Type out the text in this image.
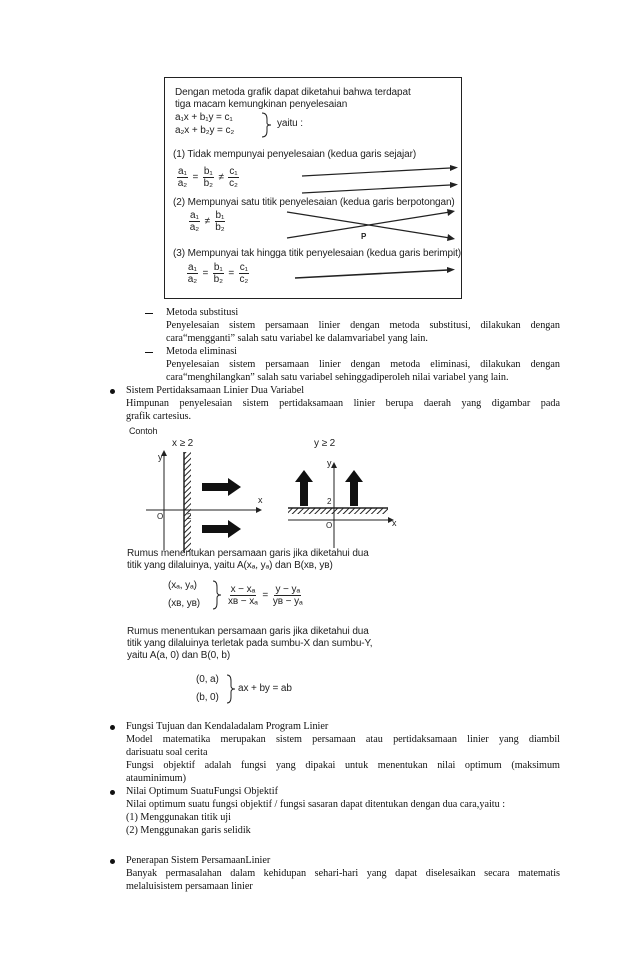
Dengan metoda grafik dapat diketahui bahwa terdapat
tiga macam kemungkinan penyelesaian
a₁x + b₁y = c₁
a₂x + b₂y = c₂
yaitu :
(1) Tidak mempunyai penyelesaian (kedua garis sejajar)
$\frac{\text{a₁}}{\text{a₂}} = \frac{\text{b₁}}{\text{b₂}} \ne \frac{\text{c₁}}{\text{c₂}}$
(2) Mempunyai satu titik penyelesaian (kedua garis berpotongan)
$\frac{\text{a₁}}{\text{a₂}} \ne \frac{\text{b₁}}{\text{b₂}}$
P
(3) Mempunyai tak hingga titik penyelesaian (kedua garis berimpit)
$\frac{\text{a₁}}{\text{a₂}} = \frac{\text{b₁}}{\text{b₂}} = \frac{\text{c₁}}{\text{c₂}}$
Metoda substitusi
Penyelesaian sistem persamaan linier dengan metoda substitusi, dilakukan dengan
cara“mengganti” salah satu variabel ke dalamvariabel yang lain.
Metoda eliminasi
Penyelesaian sistem persamaan linier dengan metoda eliminasi, dilakukan dengan
cara“menghilangkan” salah satu variabel sehinggadiperoleh nilai variabel yang lain.
Sistem Pertidaksamaan Linier Dua Variabel
Himpunan penyelesaian sistem pertidaksamaan linier berupa daerah yang digambar pada
grafik cartesius.
Contoh
x ≥ 2	y ≥ 2
y
x
O	2
y
x
O
2
Rumus menentukan persamaan garis jika diketahui dua
titik yang dilaluinya, yaitu A(xₐ, yₐ) dan B(xʙ, yʙ)
(xₐ, yₐ)
(xʙ, yʙ)	$\frac{\text{x − xₐ}}{\text{xʙ − xₐ}} = \frac{\text{y − yₐ}}{\text{yʙ − yₐ}}$
Rumus menentukan persamaan garis jika diketahui dua
titik yang dilaluinya terletak pada sumbu-X dan sumbu-Y,
yaitu A(a, 0) dan B(0, b)
(0, a)
(b, 0)
ax + by = ab
Fungsi Tujuan dan Kendaladalam Program Linier
Model matematika merupakan sistem persamaan atau pertidaksamaan linier yang diambil
darisuatu soal cerita
Fungsi objektif adalah fungsi yang dipakai untuk menentukan nilai optimum (maksimum
atauminimum)
Nilai Optimum SuatuFungsi Objektif
Nilai optimum suatu fungsi objektif / fungsi sasaran dapat ditentukan dengan dua cara,yaitu :
(1) Menggunakan titik uji
(2) Menggunakan garis selidik
Penerapan Sistem PersamaanLinier
Banyak permasalahan dalam kehidupan sehari-hari yang dapat diselesaikan secara matematis
melaluisistem persamaan linier
